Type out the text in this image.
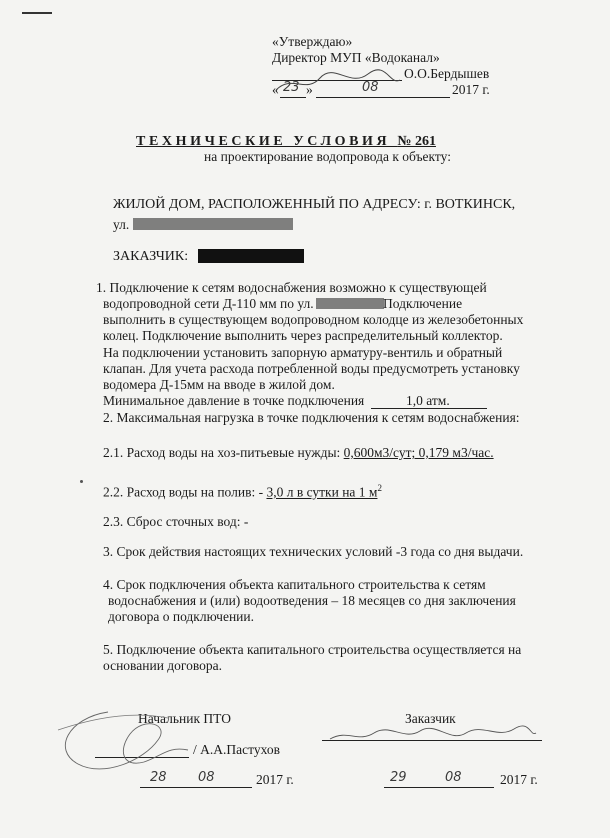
«Утверждаю»
Директор МУП «Водоканал»
О.О.Бердышев
« 23 »	08	2017 г.
ТЕХНИЧЕСКИЕ УСЛОВИЯ № 261
на проектирование водопровода к объекту:
ЖИЛОЙ ДОМ, РАСПОЛОЖЕННЫЙ ПО АДРЕСУ: г. ВОТКИНСК,
ул.
ЗАКАЗЧИК:
1. Подключение к сетям водоснабжения возможно к существующей
водопроводной сети Д-110 мм по ул.	Подключение
выполнить в существующем водопроводном колодце из железобетонных
колец. Подключение выполнить через распределительный коллектор.
На подключении установить запорную арматуру-вентиль и обратный
клапан. Для учета расхода потребленной воды предусмотреть установку
водомера Д-15мм на вводе в жилой дом.
Минимальное давление в точке подключения	1,0 атм.
2. Максимальная нагрузка в точке подключения к сетям водоснабжения:
2.1. Расход воды на хоз-питьевые нужды: 0,600м3/сут; 0,179 м3/час.
2.2. Расход воды на полив: - 3,0 л в сутки на 1 $м^2$
2.3. Сброс сточных вод: -
3. Срок действия настоящих технических условий -3 года со дня выдачи.
4. Срок подключения объекта капитального строительства к сетям
водоснабжения и (или) водоотведения – 18 месяцев со дня заключения
договора о подключении.
5. Подключение объекта капитального строительства осуществляется на
основании договора.
Начальник ПТО
/ А.А.Пастухов
28 08	2017 г.
Заказчик
29	08	2017 г.
